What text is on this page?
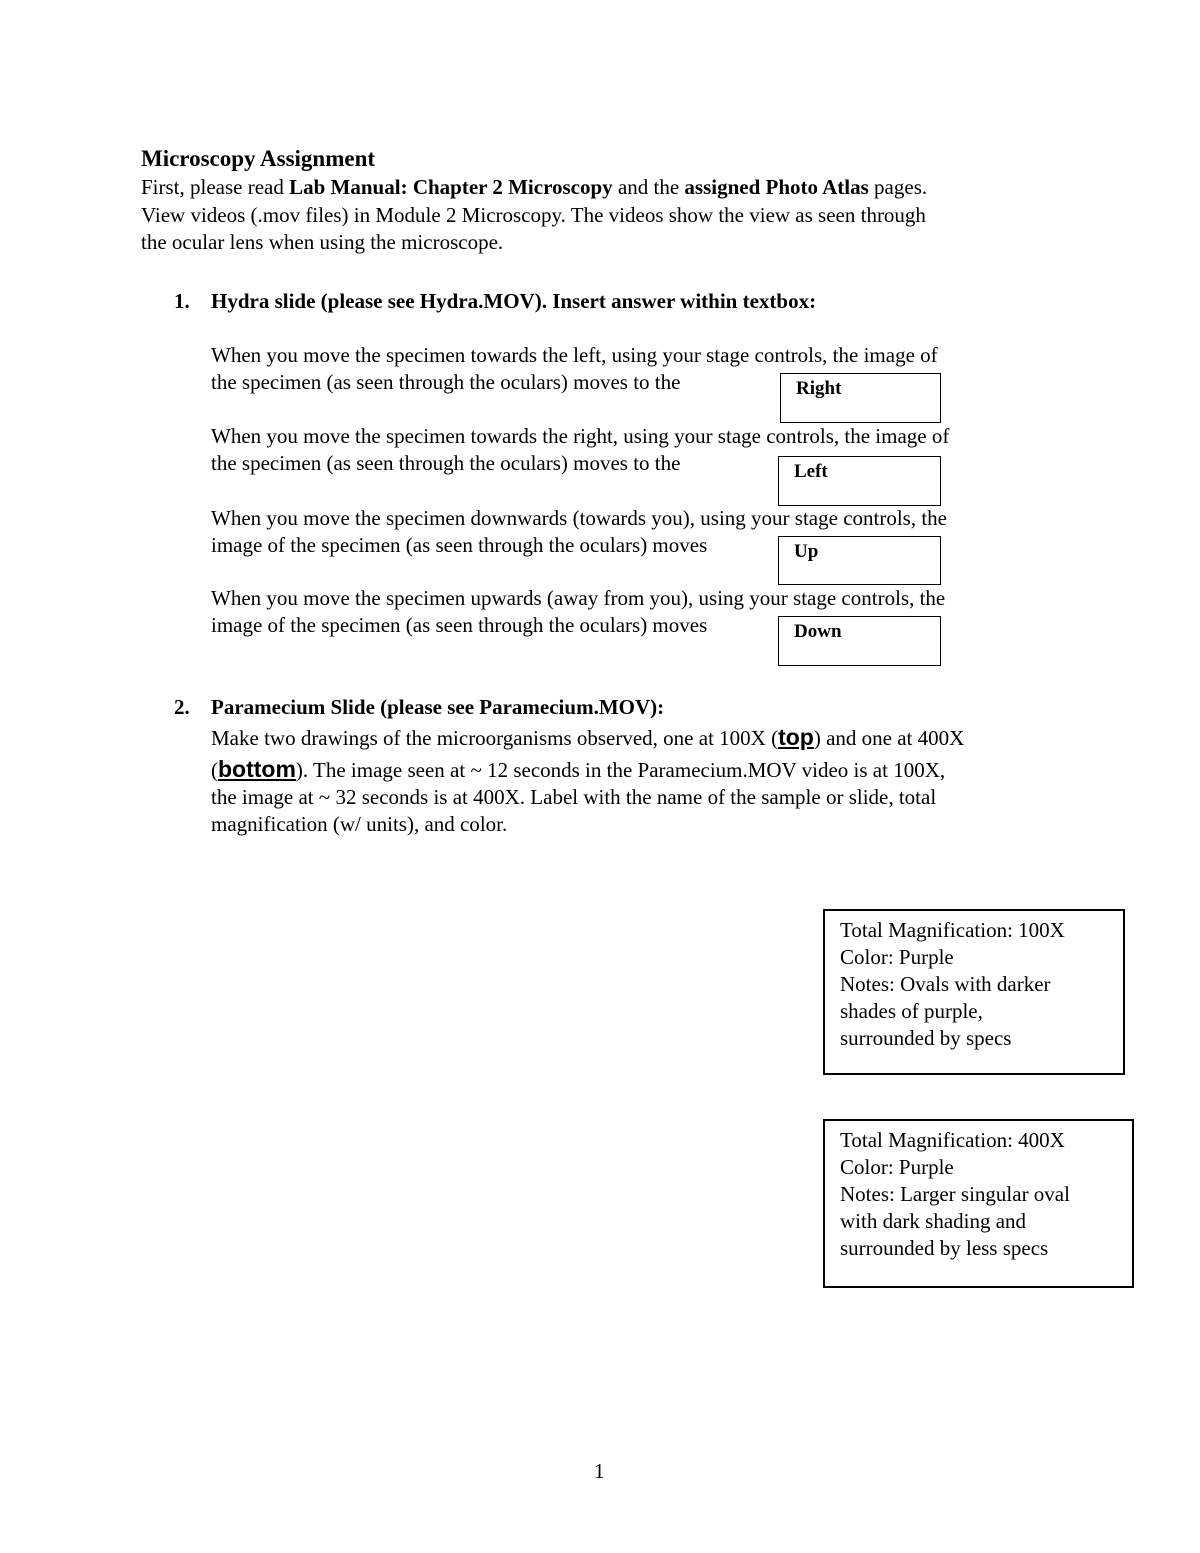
Microscopy Assignment
First, please read Lab Manual: Chapter 2 Microscopy and the assigned Photo Atlas pages.
View videos (.mov files) in Module 2 Microscopy. The videos show the view as seen through
the ocular lens when using the microscope.
1. Hydra slide (please see Hydra.MOV). Insert answer within textbox:
When you move the specimen towards the left, using your stage controls, the image of
the specimen (as seen through the oculars) moves to the	Right
When you move the specimen towards the right, using your stage controls, the image of
the specimen (as seen through the oculars) moves to the	Left
When you move the specimen downwards (towards you), using your stage controls, the
image of the specimen (as seen through the oculars) moves	Up
When you move the specimen upwards (away from you), using your stage controls, the
image of the specimen (as seen through the oculars) moves	Down
2. Paramecium Slide (please see Paramecium.MOV):
Make two drawings of the microorganisms observed, one at 100X (top) and one at 400X
(bottom). The image seen at ~ 12 seconds in the Paramecium.MOV video is at 100X,
the image at ~ 32 seconds is at 400X. Label with the name of the sample or slide, total
magnification (w/ units), and color.
Total Magnification: 100X
Color: Purple
Notes: Ovals with darker
shades of purple,
surrounded by specs
Total Magnification: 400X
Color: Purple
Notes: Larger singular oval
with dark shading and
surrounded by less specs
1
